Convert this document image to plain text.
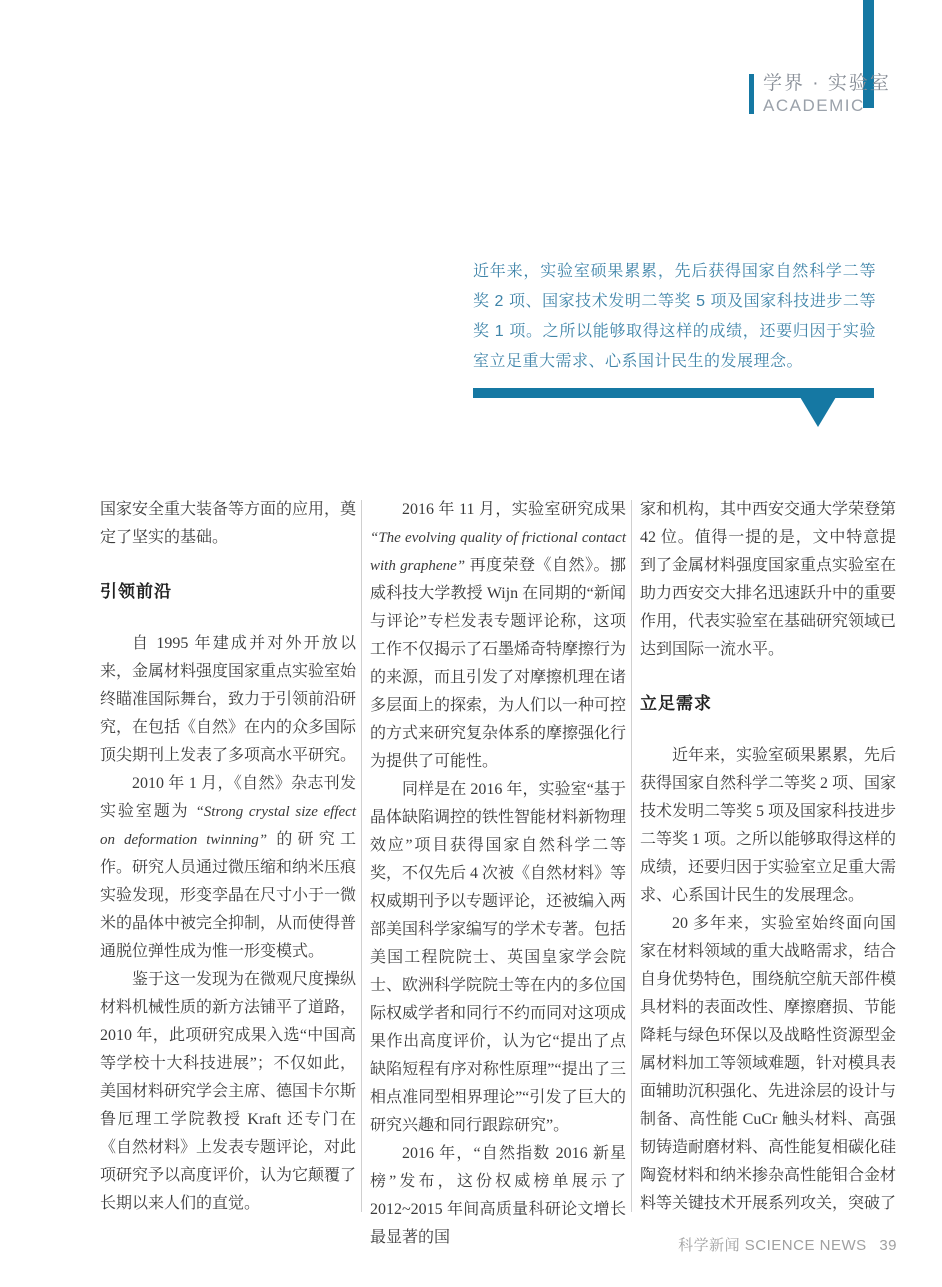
学界 · 实验室
ACADEMIC
近年来，实验室硕果累累，先后获得国家自然科学二等奖 2 项、国家技术发明二等奖 5 项及国家科技进步二等奖 1 项。之所以能够取得这样的成绩，还要归因于实验室立足重大需求、心系国计民生的发展理念。

国家安全重大装备等方面的应用，奠定了坚实的基础。

引领前沿

自 1995 年建成并对外开放以来，金属材料强度国家重点实验室始终瞄准国际舞台，致力于引领前沿研究，在包括《自然》在内的众多国际顶尖期刊上发表了多项高水平研究。

2010 年 1 月，《自然》杂志刊发实验室题为 “Strong crystal size effect on deformation twinning” 的研究工作。研究人员通过微压缩和纳米压痕实验发现，形变孪晶在尺寸小于一微米的晶体中被完全抑制，从而使得普通脱位弹性成为惟一形变模式。

鉴于这一发现为在微观尺度操纵材料机械性质的新方法铺平了道路，2010 年，此项研究成果入选“中国高等学校十大科技进展”；不仅如此，美国材料研究学会主席、德国卡尔斯鲁厄理工学院教授 Kraft 还专门在《自然材料》上发表专题评论，对此项研究予以高度评价，认为它颠覆了长期以来人们的直觉。

2016 年 11 月，实验室研究成果 “The evolving quality of frictional contact with graphene” 再度荣登《自然》。挪威科技大学教授 Wijn 在同期的“新闻与评论”专栏发表专题评论称，这项工作不仅揭示了石墨烯奇特摩擦行为的来源，而且引发了对摩擦机理在诸多层面上的探索，为人们以一种可控的方式来研究复杂体系的摩擦强化行为提供了可能性。

同样是在 2016 年，实验室“基于晶体缺陷调控的铁性智能材料新物理效应”项目获得国家自然科学二等奖，不仅先后 4 次被《自然材料》等权威期刊予以专题评论，还被编入两部美国科学家编写的学术专著。包括美国工程院院士、英国皇家学会院士、欧洲科学院院士等在内的多位国际权威学者和同行不约而同对这项成果作出高度评价，认为它“提出了点缺陷短程有序对称性原理”“提出了三相点准同型相界理论”“引发了巨大的研究兴趣和同行跟踪研究”。

2016 年，“自然指数 2016 新星榜”发布，这份权威榜单展示了 2012~2015 年间高质量科研论文增长最显著的国

家和机构，其中西安交通大学荣登第 42 位。值得一提的是，文中特意提到了金属材料强度国家重点实验室在助力西安交大排名迅速跃升中的重要作用，代表实验室在基础研究领域已达到国际一流水平。

立足需求

近年来，实验室硕果累累，先后获得国家自然科学二等奖 2 项、国家技术发明二等奖 5 项及国家科技进步二等奖 1 项。之所以能够取得这样的成绩，还要归因于实验室立足重大需求、心系国计民生的发展理念。

20 多年来，实验室始终面向国家在材料领域的重大战略需求，结合自身优势特色，围绕航空航天部件模具材料的表面改性、摩擦磨损、节能降耗与绿色环保以及战略性资源型金属材料加工等领域难题，针对模具表面辅助沉积强化、先进涂层的设计与制备、高性能 CuCr 触头材料、高强韧铸造耐磨材料、高性能复相碳化硅陶瓷材料和纳米掺杂高性能钼合金材料等关键技术开展系列攻关，突破了

科学新闻 SCIENCE NEWS 39
